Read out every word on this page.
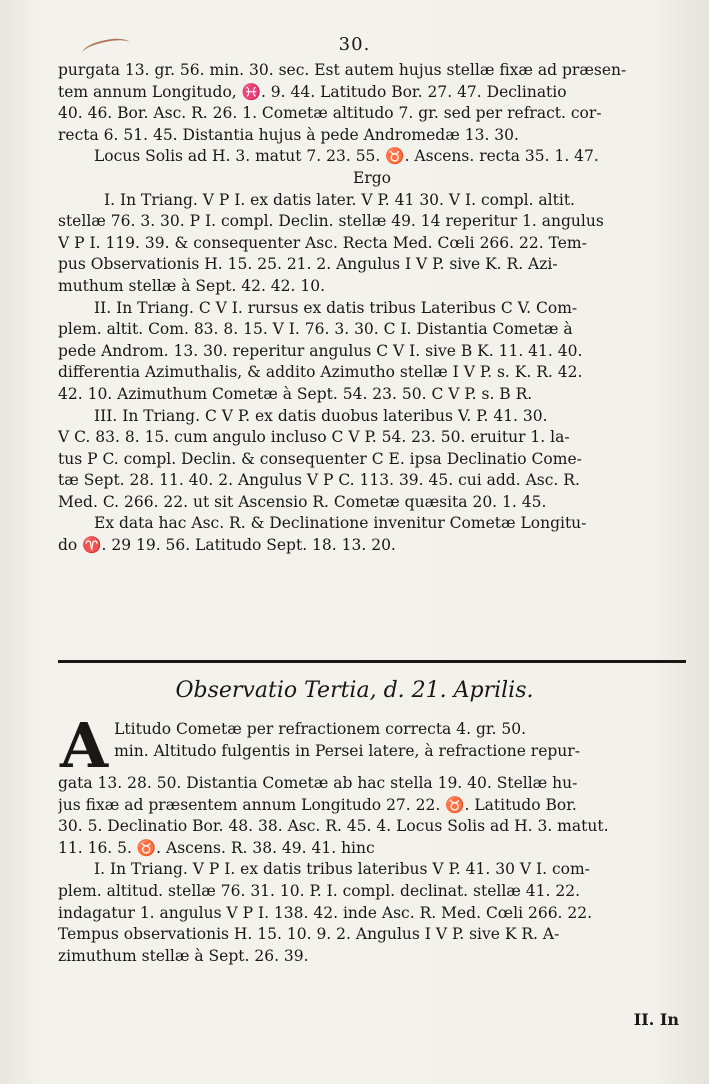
30.
purgata 13. gr. 56. min. 30. sec. Est autem hujus stellæ fixæ ad præsen-
tem annum Longitudo, ♓. 9. 44. Latitudo Bor. 27. 47. Declinatio
40. 46. Bor. Asc. R. 26. 1. Cometæ altitudo 7. gr. sed per refract. cor-
recta 6. 51. 45. Distantia hujus à pede Andromedæ 13. 30.
Locus Solis ad H. 3. matut 7. 23. 55. ♉. Ascens. recta 35. 1. 47.
Ergo
I. In Triang. V P I. ex datis later. V P. 41 30. V I. compl. altit.
stellæ 76. 3. 30. P I. compl. Declin. stellæ 49. 14 reperitur 1. angulus
V P I. 119. 39. & consequenter Asc. Recta Med. Cœli 266. 22. Tem-
pus Observationis H. 15. 25. 21. 2. Angulus I V P. sive K. R. Azi-
muthum stellæ à Sept. 42. 42. 10.
II. In Triang. C V I. rursus ex datis tribus Lateribus C V. Com-
plem. altit. Com. 83. 8. 15. V I. 76. 3. 30. C I. Distantia Cometæ à
pede Androm. 13. 30. reperitur angulus C V I. sive B K. 11. 41. 40.
differentia Azimuthalis, & addito Azimutho stellæ I V P. s. K. R. 42.
42. 10. Azimuthum Cometæ à Sept. 54. 23. 50. C V P. s. B R.
III. In Triang. C V P. ex datis duobus lateribus V. P. 41. 30.
V C. 83. 8. 15. cum angulo incluso C V P. 54. 23. 50. eruitur 1. la-
tus P C. compl. Declin. & consequenter C E. ipsa Declinatio Come-
tæ Sept. 28. 11. 40. 2. Angulus V P C. 113. 39. 45. cui add. Asc. R.
Med. C. 266. 22. ut sit Ascensio R. Cometæ quæsita 20. 1. 45.
Ex data hac Asc. R. & Declinatione invenitur Cometæ Longitu-
do ♈. 29 19. 56. Latitudo Sept. 18. 13. 20.
Observatio Tertia, d. 21. Aprilis.
A Ltitudo Cometæ per refractionem correcta 4. gr. 50.
min. Altitudo fulgentis in Persei latere, à refractione repur-
gata 13. 28. 50. Distantia Cometæ ab hac stella 19. 40. Stellæ hu-
jus fixæ ad præsentem annum Longitudo 27. 22. ♉. Latitudo Bor.
30. 5. Declinatio Bor. 48. 38. Asc. R. 45. 4. Locus Solis ad H. 3. matut.
11. 16. 5. ♉. Ascens. R. 38. 49. 41. hinc
I. In Triang. V P I. ex datis tribus lateribus V P. 41. 30 V I. com-
plem. altitud. stellæ 76. 31. 10. P. I. compl. declinat. stellæ 41. 22.
indagatur 1. angulus V P I. 138. 42. inde Asc. R. Med. Cœli 266. 22.
Tempus observationis H. 15. 10. 9. 2. Angulus I V P. sive K R. A-
zimuthum stellæ à Sept. 26. 39.
II. In
